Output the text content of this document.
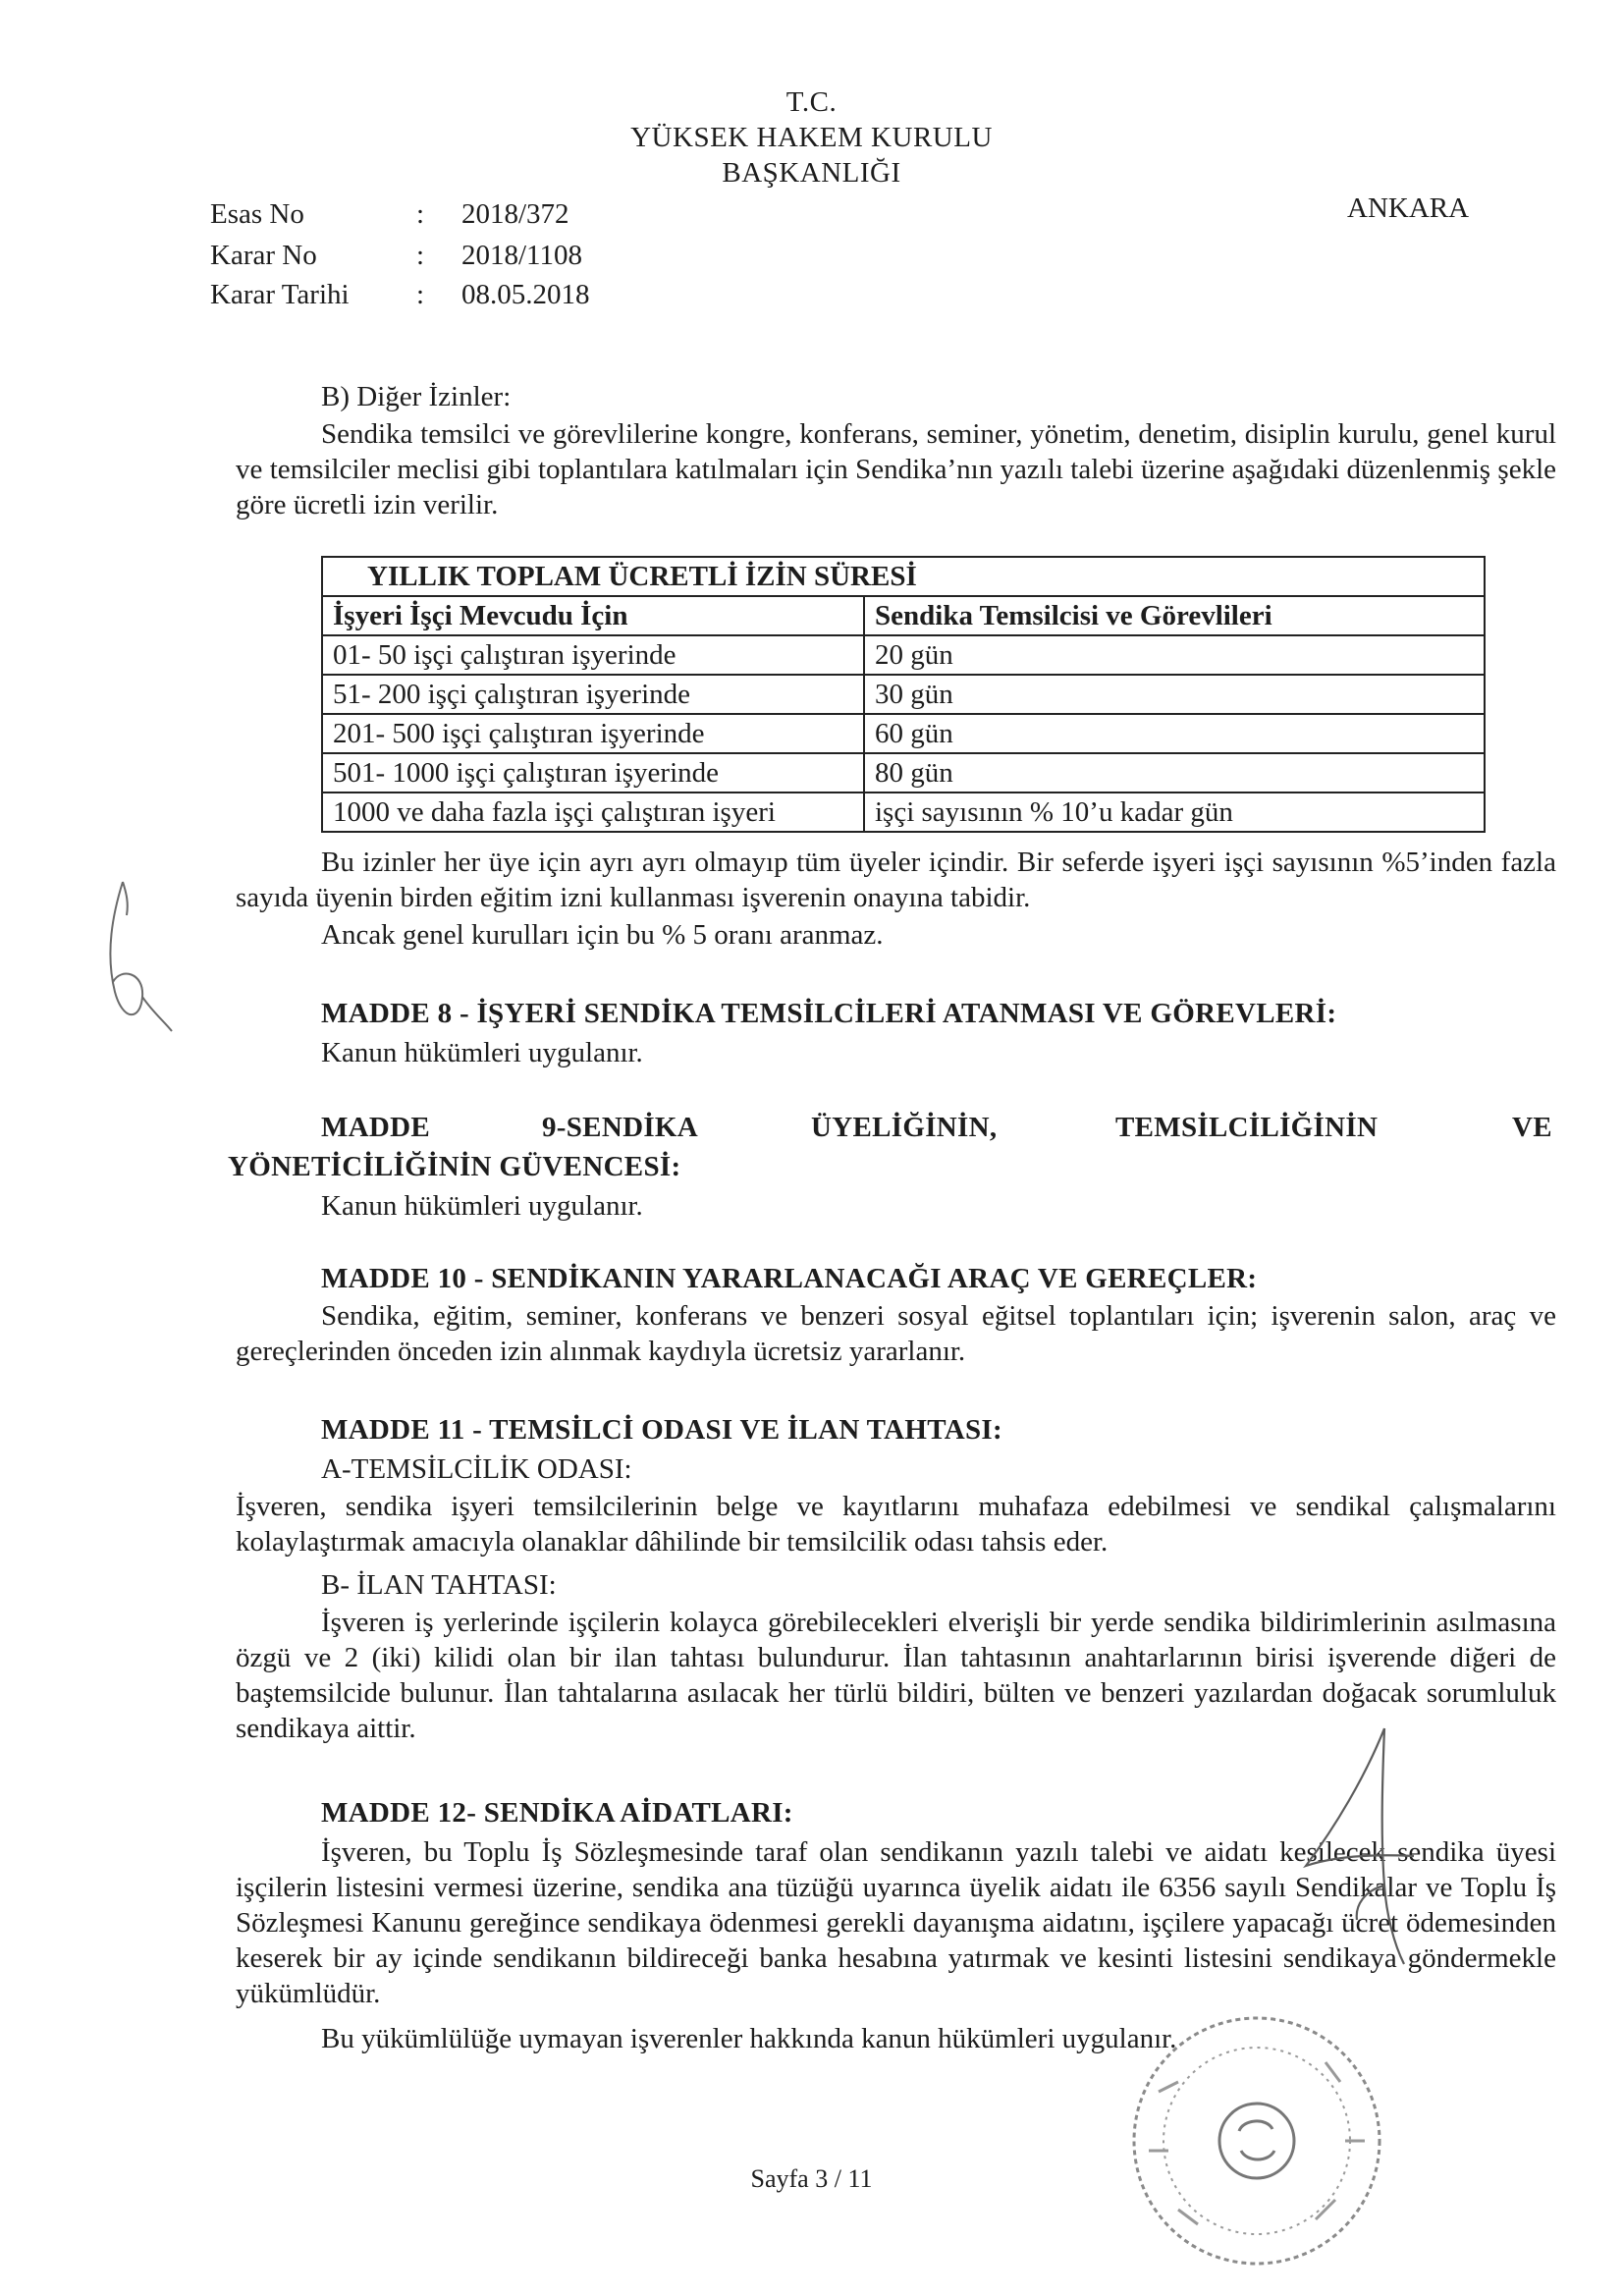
T.C.
YÜKSEK HAKEM KURULU
BAŞKANLIĞI
ANKARA
Esas No	: 2018/372
Karar No	: 2018/1108
Karar Tarihi : 08.05.2018
B) Diğer İzinler:
Sendika temsilci ve görevlilerine kongre, konferans, seminer, yönetim, denetim, disiplin kurulu, genel kurul ve temsilciler meclisi gibi toplantılara katılmaları için Sendika’nın yazılı talebi üzerine aşağıdaki düzenlenmiş şekle göre ücretli izin verilir.
YILLIK TOPLAM ÜCRETLİ İZİN SÜRESİ	
İşyeri İşçi Mevcudu İçin	Sendika Temsilcisi ve Görevlileri
01- 50 işçi çalıştıran işyerinde	20 gün
51- 200 işçi çalıştıran işyerinde	30 gün
201- 500 işçi çalıştıran işyerinde	60 gün
501- 1000 işçi çalıştıran işyerinde	80 gün
1000 ve daha fazla işçi çalıştıran işyeri	işçi sayısının % 10’u kadar gün
Bu izinler her üye için ayrı ayrı olmayıp tüm üyeler içindir. Bir seferde işyeri işçi sayısının %5’inden fazla sayıda üyenin birden eğitim izni kullanması işverenin onayına tabidir.
Ancak genel kurulları için bu % 5 oranı aranmaz.
MADDE 8 - İŞYERİ SENDİKA TEMSİLCİLERİ ATANMASI VE GÖREVLERİ:
Kanun hükümleri uygulanır.
MADDE	9-SENDİKA	ÜYELİĞİNİN,	TEMSİLCİLİĞİNİN	VE
YÖNETİCİLİĞİNİN GÜVENCESİ:
Kanun hükümleri uygulanır.
MADDE 10 - SENDİKANIN YARARLANACAĞI ARAÇ VE GEREÇLER:
Sendika, eğitim, seminer, konferans ve benzeri sosyal eğitsel toplantıları için; işverenin salon, araç ve gereçlerinden önceden izin alınmak kaydıyla ücretsiz yararlanır.
MADDE 11 - TEMSİLCİ ODASI VE İLAN TAHTASI:
A-TEMSİLCİLİK ODASI:
İşveren, sendika işyeri temsilcilerinin belge ve kayıtlarını muhafaza edebilmesi ve sendikal çalışmalarını kolaylaştırmak amacıyla olanaklar dâhilinde bir temsilcilik odası tahsis eder.
B- İLAN TAHTASI:
İşveren iş yerlerinde işçilerin kolayca görebilecekleri elverişli bir yerde sendika bildirimlerinin asılmasına özgü ve 2 (iki) kilidi olan bir ilan tahtası bulundurur. İlan tahtasının anahtarlarının birisi işverende diğeri de baştemsilcide bulunur. İlan tahtalarına asılacak her türlü bildiri, bülten ve benzeri yazılardan doğacak sorumluluk sendikaya aittir.
MADDE 12- SENDİKA AİDATLARI:
İşveren, bu Toplu İş Sözleşmesinde taraf olan sendikanın yazılı talebi ve aidatı kesilecek sendika üyesi işçilerin listesini vermesi üzerine, sendika ana tüzüğü uyarınca üyelik aidatı ile 6356 sayılı Sendikalar ve Toplu İş Sözleşmesi Kanunu gereğince sendikaya ödenmesi gerekli dayanışma aidatını, işçilere yapacağı ücret ödemesinden keserek bir ay içinde sendikanın bildireceği banka hesabına yatırmak ve kesinti listesini sendikaya göndermekle yükümlüdür.
Bu yükümlülüğe uymayan işverenler hakkında kanun hükümleri uygulanır.
Sayfa 3 / 11
